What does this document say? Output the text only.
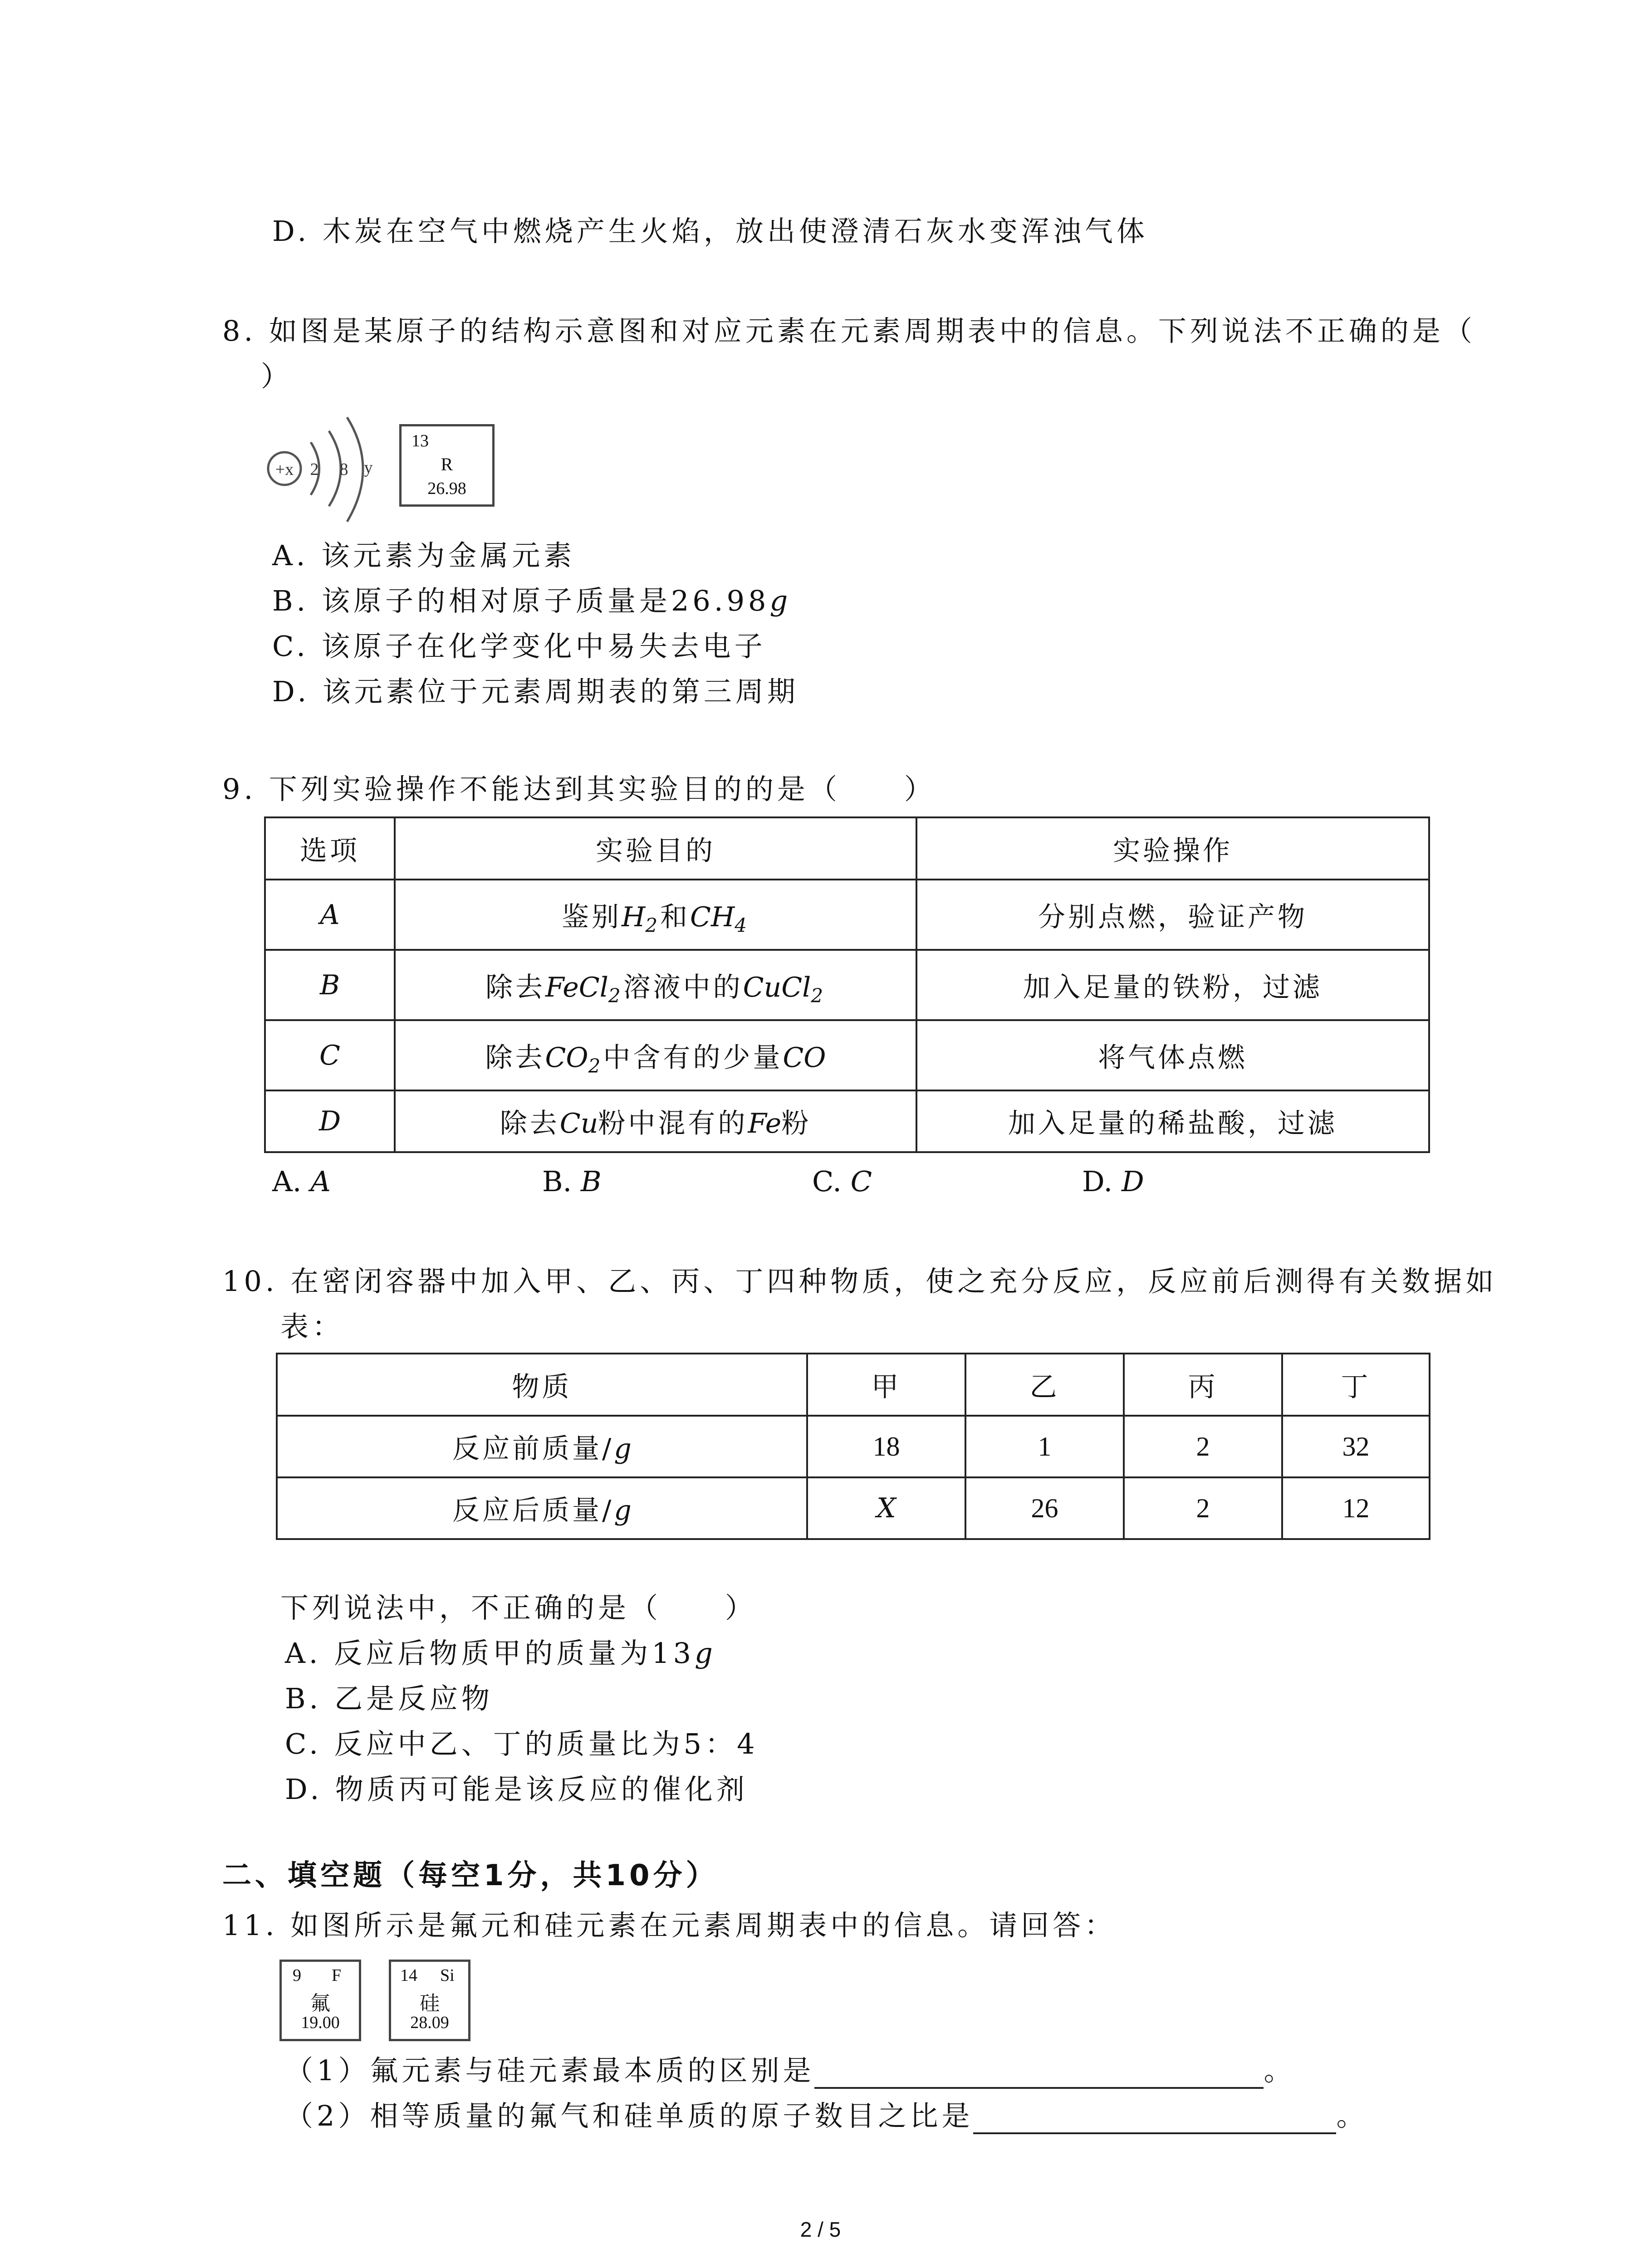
D. 木炭在空气中燃烧产生火焰，放出使澄清石灰水变浑浊气体
8. 如图是某原子的结构示意图和对应元素在元素周期表中的信息。下列说法不正确的是（
）
+x 2 8 y
13
R
26.98
A. 该元素为金属元素
B. 该原子的相对原子质量是26.98g
C. 该原子在化学变化中易失去电子
D. 该元素位于元素周期表的第三周期
9. 下列实验操作不能达到其实验目的的是（　　）
选项	实验目的	实验操作
A	鉴别$H_2$和$CH_4$	分别点燃，验证产物
B	除去FeCl$_2$溶液中的CuCl$_2$	加入足量的铁粉，过滤
C	除去$CO_2$中含有的少量CO	将气体点燃
D	除去Cu粉中混有的Fe粉	加入足量的稀盐酸，过滤
A. A	B. B	C. C	D. D
10. 在密闭容器中加入甲、乙、丙、丁四种物质，使之充分反应，反应前后测得有关数据如
表：
物质	甲	乙	丙	丁
反应前质量/g	18	1	2	32
反应后质量/g	X	26	2	12
下列说法中，不正确的是（　　）
A. 反应后物质甲的质量为13g
B. 乙是反应物
C. 反应中乙、丁的质量比为5：4
D. 物质丙可能是该反应的催化剂
二、填空题（每空1分，共10分）
11. 如图所示是氟元和硅元素在元素周期表中的信息。请回答：
9 F
氟
19.00
14 Si
硅
28.09
（1）氟元素与硅元素最本质的区别是	。
（2）相等质量的氟气和硅单质的原子数目之比是	。
2 / 5
